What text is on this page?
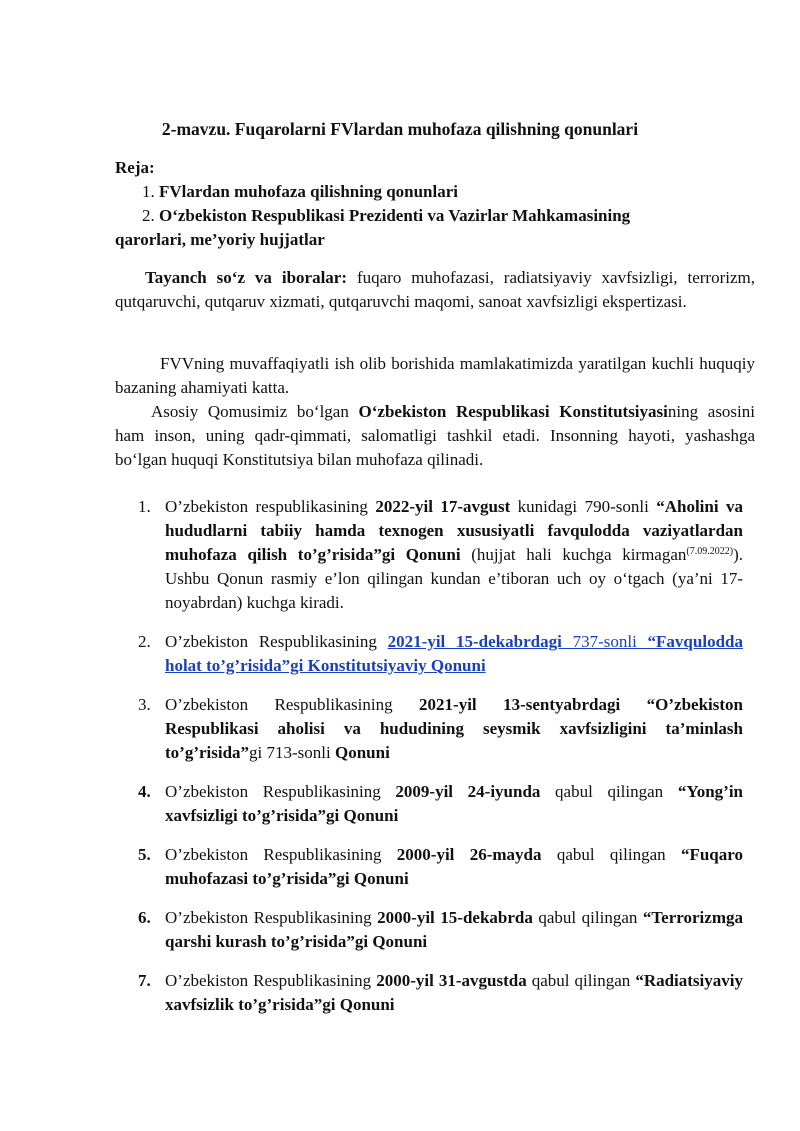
2-mavzu. Fuqarolarni FVlardan muhofaza qilishning qonunlari
Reja:
1. FVlardan muhofaza qilishning qonunlari
2. O‘zbekiston Respublikasi Prezidenti va Vazirlar Mahkamasining
qarorlari, me’yoriy hujjatlar
Tayanch so‘z va iboralar: fuqaro muhofazasi, radiatsiyaviy xavfsizligi, terrorizm, qutqaruvchi, qutqaruv xizmati, qutqaruvchi maqomi, sanoat xavfsizligi ekspertizasi.

FVVning muvaffaqiyatli ish olib borishida mamlakatimizda yaratilgan kuchli huquqiy bazaning ahamiyati katta.

Asosiy Qomusimiz bo‘lgan O‘zbekiston Respublikasi Konstitutsiyasining asosini ham inson, uning qadr-qimmati, salomatligi tashkil etadi. Insonning hayoti, yashashga bo‘lgan huquqi Konstitutsiya bilan muhofaza qilinadi.

1. O’zbekiston respublikasining 2022-yil 17-avgust kunidagi 790-sonli “Aholini va hududlarni tabiiy hamda texnogen xususiyatli favqulodda vaziyatlardan muhofaza qilish to’g’risida”gi Qonuni (hujjat hali kuchga kirmagan$^{(7.09.2022)}$). Ushbu Qonun rasmiy e’lon qilingan kundan e’tiboran uch oy o‘tgach (ya’ni 17-noyabrdan) kuchga kiradi.
2. O’zbekiston Respublikasining 2021-yil 15-dekabrdagi 737-sonli “Favqulodda holat to’g’risida”gi Konstitutsiyaviy Qonuni
3. O’zbekiston Respublikasining 2021-yil 13-sentyabrdagi “O’zbekiston Respublikasi aholisi va hududining seysmik xavfsizligini ta’minlash to’g’risida”gi 713-sonli Qonuni
4. O’zbekiston Respublikasining 2009-yil 24-iyunda qabul qilingan “Yong’in xavfsizligi to’g’risida”gi Qonuni
5. O’zbekiston Respublikasining 2000-yil 26-mayda qabul qilingan “Fuqaro muhofazasi to’g’risida”gi Qonuni
6. O’zbekiston Respublikasining 2000-yil 15-dekabrda qabul qilingan “Terrorizmga qarshi kurash to’g’risida”gi Qonuni
7. O’zbekiston Respublikasining 2000-yil 31-avgustda qabul qilingan “Radiatsiyaviy xavfsizlik to’g’risida”gi Qonuni
